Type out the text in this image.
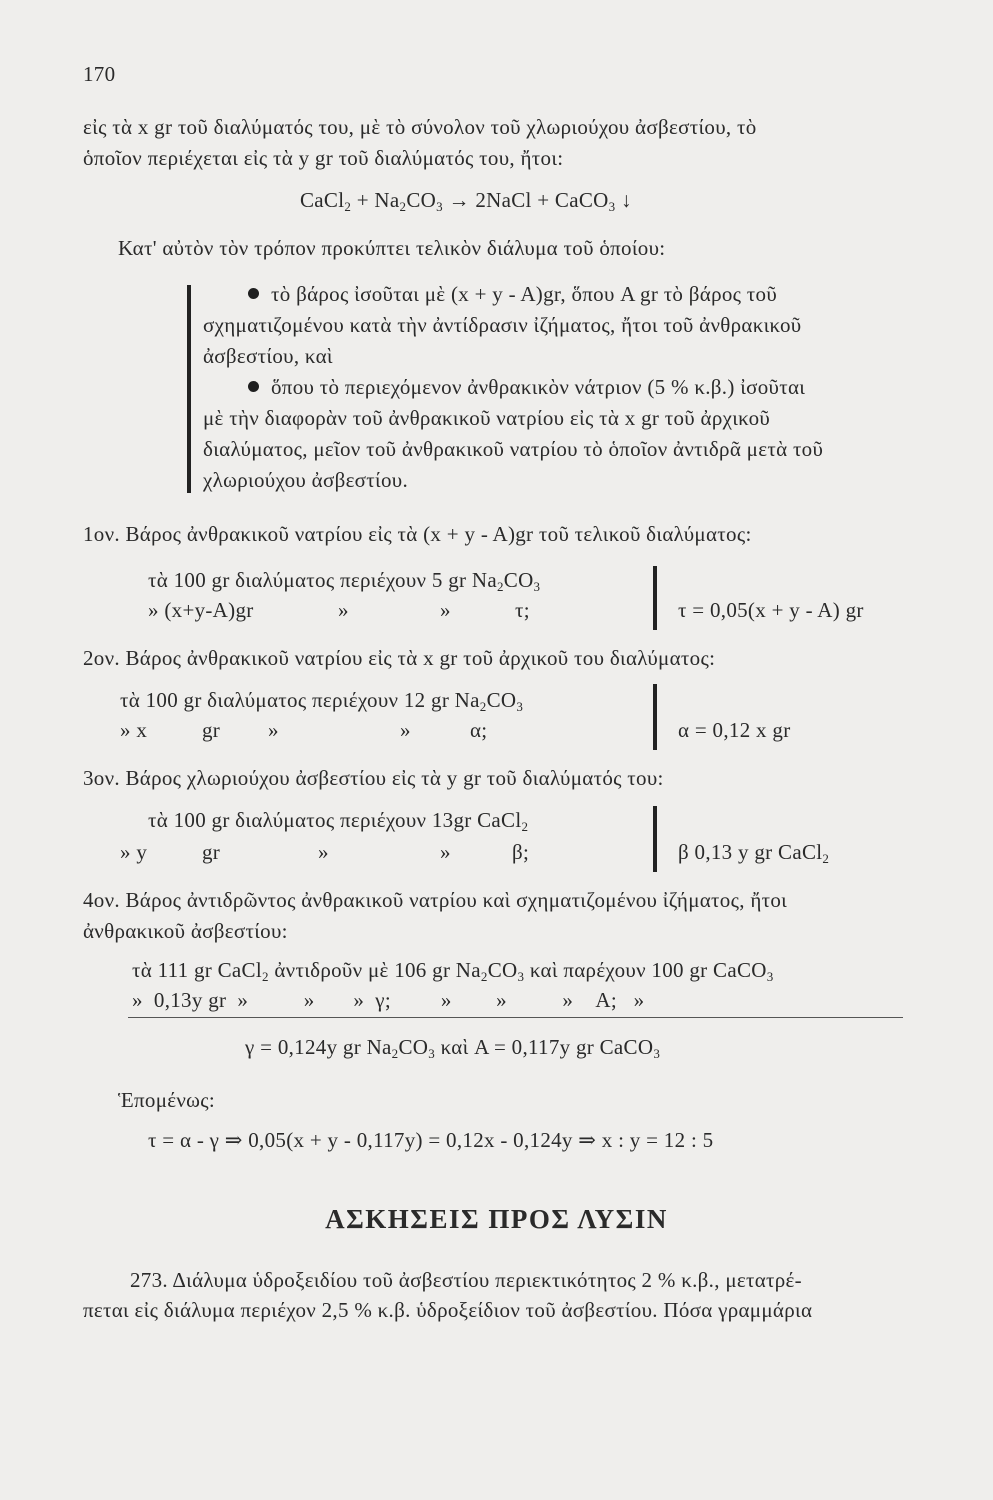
170
εἰς τὰ x gr τοῦ διαλύματός του, μὲ τὸ σύνολον τοῦ χλωριούχου ἀσβεστίου, τὸ
ὁποῖον περιέχεται εἰς τὰ y gr τοῦ διαλύματός του, ἤτοι:
CaCl$_2$ + $Na_2CO_3$ → 2NaCl + CaCO$_3$ ↓
Κατ' αὐτὸν τὸν τρόπον προκύπτει τελικὸν διάλυμα τοῦ ὁποίου:
τὸ βάρος ἰσοῦται μὲ (x + y - A)gr, ὅπου A gr τὸ βάρος τοῦ
σχηματιζομένου κατὰ τὴν ἀντίδρασιν ἰζήματος, ἤτοι τοῦ ἀνθρακικοῦ
ἀσβεστίου, καὶ
ὅπου τὸ περιεχόμενον ἀνθρακικὸν νάτριον (5 % κ.β.) ἰσοῦται
μὲ τὴν διαφορὰν τοῦ ἀνθρακικοῦ νατρίου εἰς τὰ x gr τοῦ ἀρχικοῦ
διαλύματος, μεῖον τοῦ ἀνθρακικοῦ νατρίου τὸ ὁποῖον ἀντιδρᾶ μετὰ τοῦ
χλωριούχου ἀσβεστίου.
1ον. Βάρος ἀνθρακικοῦ νατρίου εἰς τὰ (x + y - A)gr τοῦ τελικοῦ διαλύματος:
τὰ 100 gr διαλύματος περιέχουν 5 gr $Na_2CO_3$
» (x+y-A)gr	»	»	τ;	τ = 0,05(x + y - A) gr
2ον. Βάρος ἀνθρακικοῦ νατρίου εἰς τὰ x gr τοῦ ἀρχικοῦ του διαλύματος:
τὰ 100 gr διαλύματος περιέχουν 12 gr $Na_2CO_3$
» x	gr »	»	α;	α = 0,12 x gr
3ον. Βάρος χλωριούχου ἀσβεστίου εἰς τὰ y gr τοῦ διαλύματός του:
τὰ 100 gr διαλύματος περιέχουν 13gr CaCl$_2$
» y	gr	»	»	β;	β 0,13 y gr CaCl$_2$
4ον. Βάρος ἀντιδρῶντος ἀνθρακικοῦ νατρίου καὶ σχηματιζομένου ἰζήματος, ἤτοι
ἀνθρακικοῦ ἀσβεστίου:
τὰ 111 gr CaCl$_2$ ἀντιδροῦν μὲ 106 gr $Na_2CO_3$ καὶ παρέχουν 100 gr CaCO$_3$
»  0,13y gr  »          »       »  γ;         »        »          »    A;   »
γ = 0,124y gr $Na_2CO_3$ καὶ A = 0,117y gr CaCO$_3$
Ἑπομένως:
τ = α - γ ⇒ 0,05(x + y - 0,117y) = 0,12x - 0,124y ⇒ x : y = 12 : 5
ΑΣΚΗΣΕΙΣ ΠΡΟΣ ΛΥΣΙΝ
273. Διάλυμα ὑδροξειδίου τοῦ ἀσβεστίου περιεκτικότητος 2 % κ.β., μετατρέ-
πεται εἰς διάλυμα περιέχον 2,5 % κ.β. ὑδροξείδιον τοῦ ἀσβεστίου. Πόσα γραμμάρια
